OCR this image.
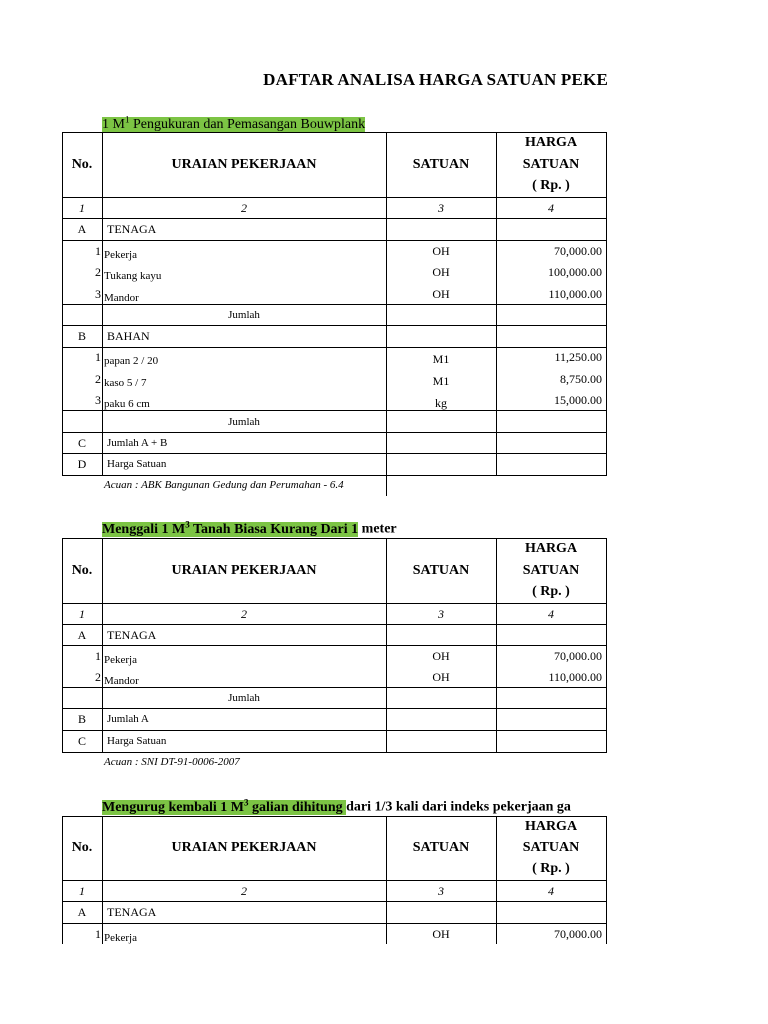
DAFTAR ANALISA HARGA SATUAN PEKE
1 $M^1$ Pengukuran dan Pemasangan Bouwplank
No.	URAIAN PEKERJAAN	SATUAN
HARGA
SATUAN
( Rp. )
1	2	3	4
A	TENAGA
1 Pekerja	OH	70,000.00
2 Tukang kayu	OH	100,000.00
3 Mandor	OH	110,000.00
Jumlah
B	BAHAN
1 papan 2 / 20	M1	11,250.00
2 kaso 5 / 7	M1	8,750.00
3 paku 6 cm	kg	15,000.00
Jumlah
C	Jumlah A + B
D	Harga Satuan
Acuan : ABK Bangunan Gedung dan Perumahan - 6.4
Menggali 1 $M^3$ Tanah Biasa Kurang Dari 1 meter
No.	URAIAN PEKERJAAN	SATUAN
HARGA
SATUAN
( Rp. )
1	2	3	4
A	TENAGA
1 Pekerja	OH	70,000.00
2 Mandor	OH	110,000.00
Jumlah
B	Jumlah A
C	Harga Satuan
Acuan : SNI DT-91-0006-2007
Mengurug kembali 1 $M^3$ galian dihitung dari 1/3 kali dari indeks pekerjaan ga
No.	URAIAN PEKERJAAN	SATUAN
HARGA
SATUAN
( Rp. )
1	2	3	4
A	TENAGA
1 Pekerja	OH	70,000.00
